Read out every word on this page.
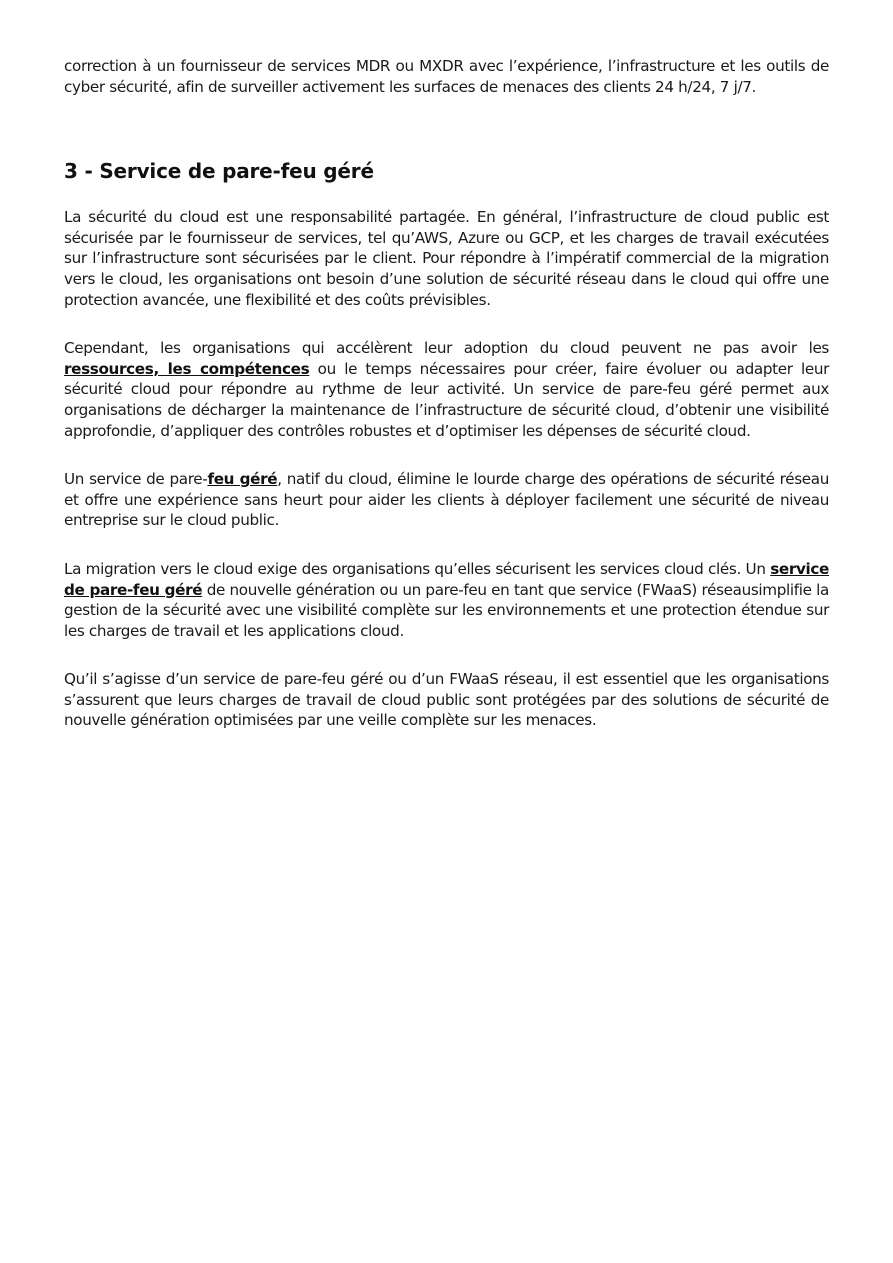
correction à un fournisseur de services MDR ou MXDR avec l’expérience, l’infrastructure et les outils de cyber sécurité, afin de surveiller activement les surfaces de menaces des clients 24 h/24, 7 j/7.

3 - Service de pare-feu géré

La sécurité du cloud est une responsabilité partagée. En général, l’infrastructure de cloud public est sécurisée par le fournisseur de services, tel qu’AWS, Azure ou GCP, et les charges de travail exécutées sur l’infrastructure sont sécurisées par le client. Pour répondre à l’impératif commercial de la migration vers le cloud, les organisations ont besoin d’une solution de sécurité réseau dans le cloud qui offre une protection avancée, une flexibilité et des coûts prévisibles.

Cependant, les organisations qui accélèrent leur adoption du cloud peuvent ne pas avoir les ressources, les compétences ou le temps nécessaires pour créer, faire évoluer ou adapter leur sécurité cloud pour répondre au rythme de leur activité. Un service de pare-feu géré permet aux organisations de décharger la maintenance de l’infrastructure de sécurité cloud, d’obtenir une visibilité approfondie, d’appliquer des contrôles robustes et d’optimiser les dépenses de sécurité cloud.

Un service de pare-feu géré, natif du cloud, élimine le lourde charge des opérations de sécurité réseau et offre une expérience sans heurt pour aider les clients à déployer facilement une sécurité de niveau entreprise sur le cloud public.

La migration vers le cloud exige des organisations qu’elles sécurisent les services cloud clés. Un service de pare-feu géré de nouvelle génération ou un pare-feu en tant que service (FWaaS) réseausimplifie la gestion de la sécurité avec une visibilité complète sur les environnements et une protection étendue sur les charges de travail et les applications cloud.

Qu’il s’agisse d’un service de pare-feu géré ou d’un FWaaS réseau, il est essentiel que les organisations s’assurent que leurs charges de travail de cloud public sont protégées par des solutions de sécurité de nouvelle génération optimisées par une veille complète sur les menaces.
